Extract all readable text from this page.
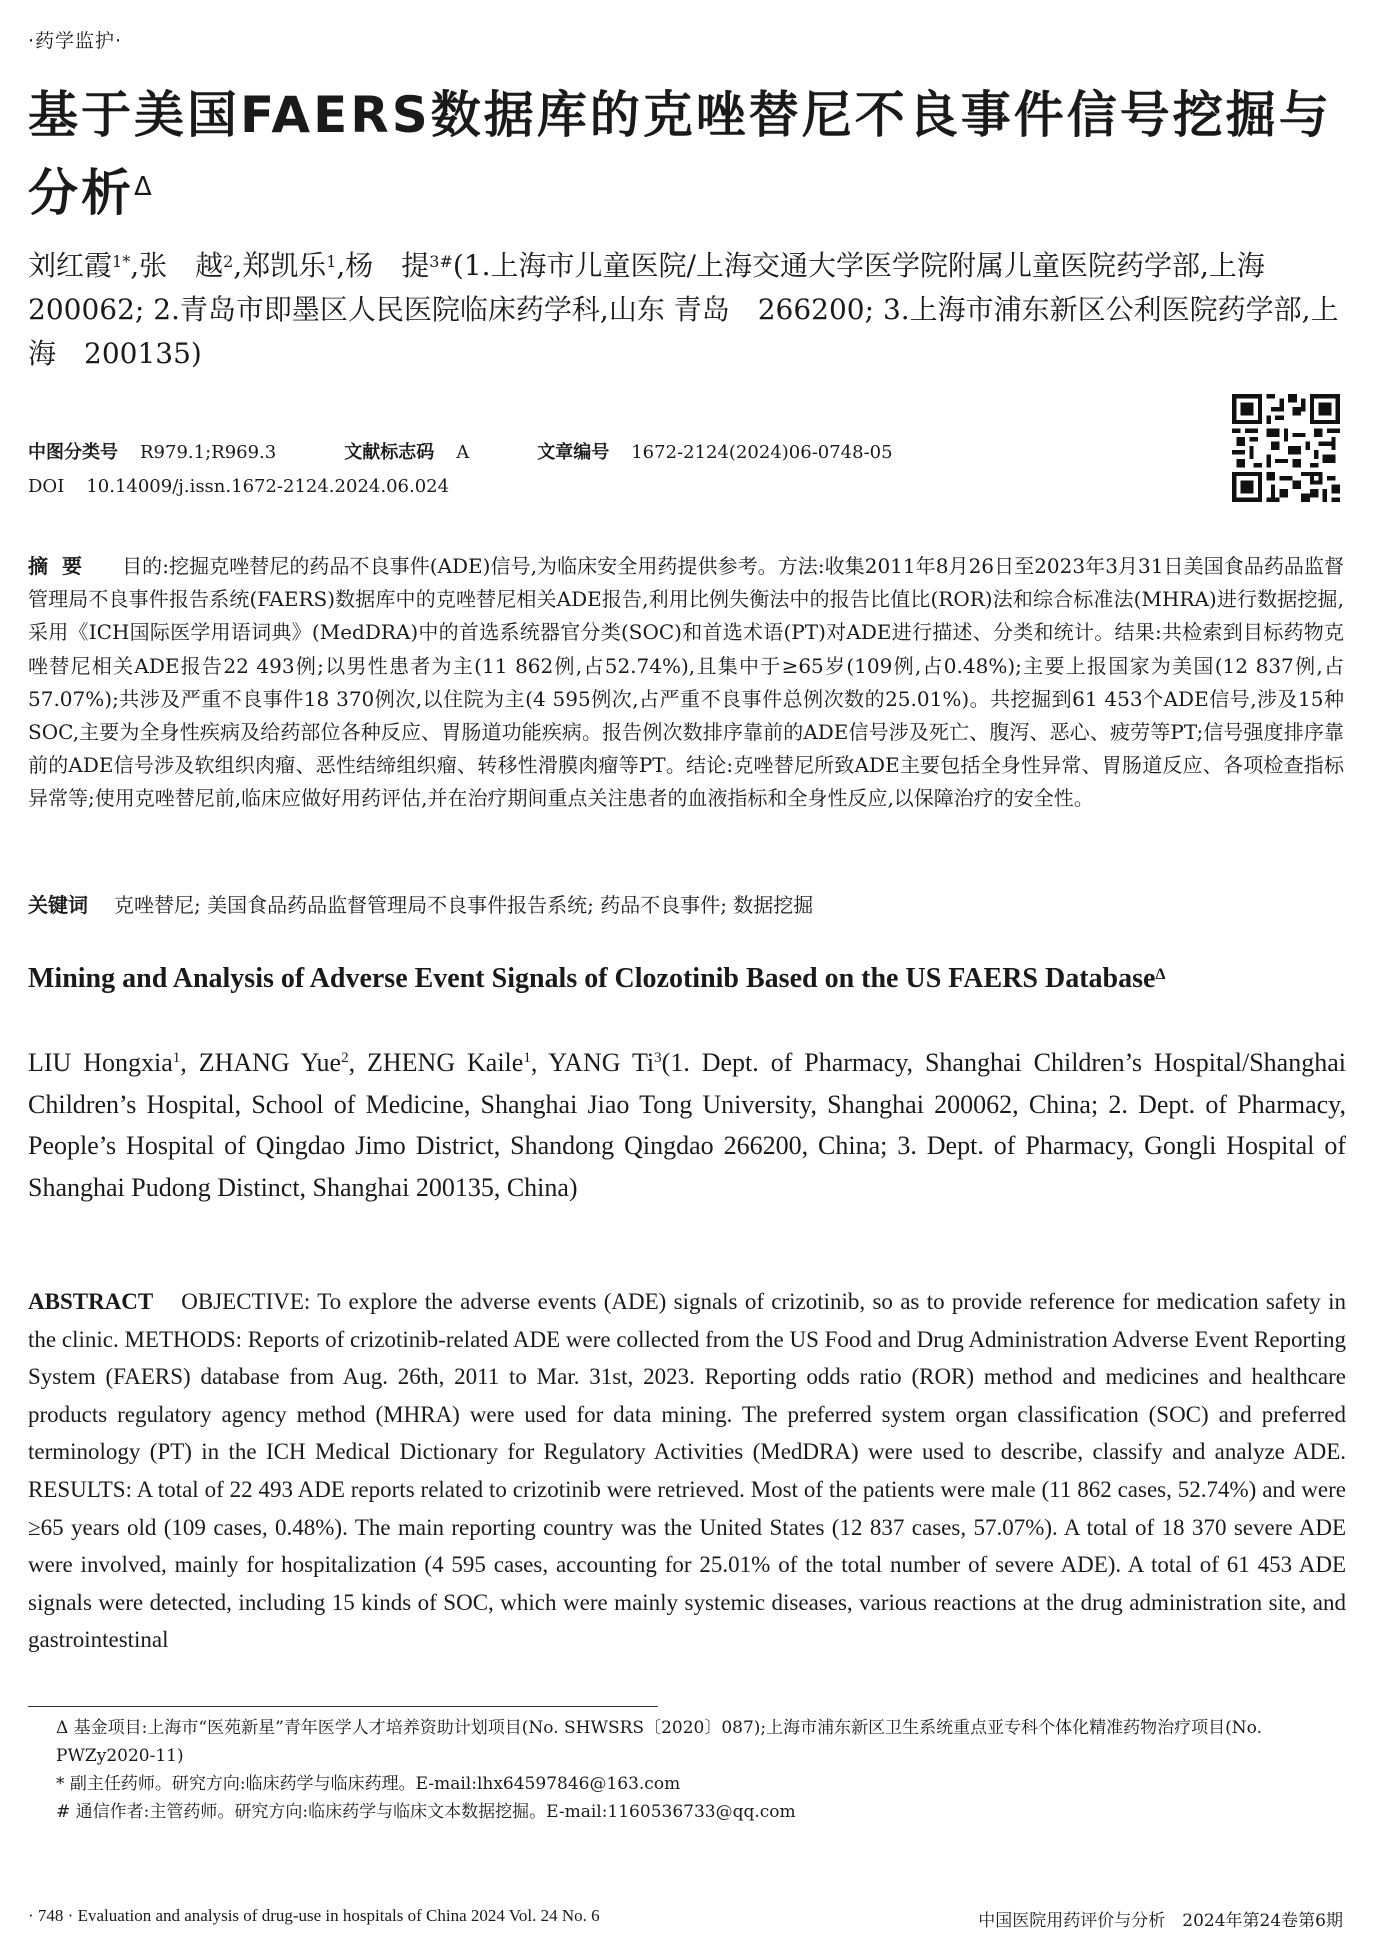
·药学监护·
基于美国FAERS数据库的克唑替尼不良事件信号挖掘与分析$^\Delta$
刘红霞$^{1*}$,张　越$^2$,郑凯乐$^1$,杨　提$^{3\#}$(1.上海市儿童医院/上海交通大学医学院附属儿童医院药学部,上海　200062; 2.青岛市即墨区人民医院临床药学科,山东 青岛　266200; 3.上海市浦东新区公利医院药学部,上海　200135)
中图分类号 R979.1;R969.3	文献标志码 A	文章编号 1672-2124(2024)06-0748-05
DOI 10.14009/j.issn.1672-2124.2024.06.024
摘要 目的:挖掘克唑替尼的药品不良事件(ADE)信号,为临床安全用药提供参考。方法:收集2011年8月26日至2023年3月31日美国食品药品监督管理局不良事件报告系统(FAERS)数据库中的克唑替尼相关ADE报告,利用比例失衡法中的报告比值比(ROR)法和综合标准法(MHRA)进行数据挖掘,采用《ICH国际医学用语词典》(MedDRA)中的首选系统器官分类(SOC)和首选术语(PT)对ADE进行描述、分类和统计。结果:共检索到目标药物克唑替尼相关ADE报告22 493例;以男性患者为主(11 862例,占52.74%),且集中于≥65岁(109例,占0.48%);主要上报国家为美国(12 837例,占57.07%);共涉及严重不良事件18 370例次,以住院为主(4 595例次,占严重不良事件总例次数的25.01%)。共挖掘到61 453个ADE信号,涉及15种SOC,主要为全身性疾病及给药部位各种反应、胃肠道功能疾病。报告例次数排序靠前的ADE信号涉及死亡、腹泻、恶心、疲劳等PT;信号强度排序靠前的ADE信号涉及软组织肉瘤、恶性结缔组织瘤、转移性滑膜肉瘤等PT。结论:克唑替尼所致ADE主要包括全身性异常、胃肠道反应、各项检查指标异常等;使用克唑替尼前,临床应做好用药评估,并在治疗期间重点关注患者的血液指标和全身性反应,以保障治疗的安全性。
关键词 克唑替尼; 美国食品药品监督管理局不良事件报告系统; 药品不良事件; 数据挖掘
Mining and Analysis of Adverse Event Signals of Clozotinib Based on the US FAERS Database$^\Delta$
LIU Hongxia$^1$, ZHANG Yue$^2$, ZHENG Kaile$^1$, YANG Ti$^3$(1. Dept. of Pharmacy, Shanghai Children’s Hospital/Shanghai Children’s Hospital, School of Medicine, Shanghai Jiao Tong University, Shanghai 200062, China; 2. Dept. of Pharmacy, People’s Hospital of Qingdao Jimo District, Shandong Qingdao 266200, China; 3. Dept. of Pharmacy, Gongli Hospital of Shanghai Pudong Distinct, Shanghai 200135, China)
ABSTRACT OBJECTIVE: To explore the adverse events (ADE) signals of crizotinib, so as to provide reference for medication safety in the clinic. METHODS: Reports of crizotinib-related ADE were collected from the US Food and Drug Administration Adverse Event Reporting System (FAERS) database from Aug. 26th, 2011 to Mar. 31st, 2023. Reporting odds ratio (ROR) method and medicines and healthcare products regulatory agency method (MHRA) were used for data mining. The preferred system organ classification (SOC) and preferred terminology (PT) in the ICH Medical Dictionary for Regulatory Activities (MedDRA) were used to describe, classify and analyze ADE. RESULTS: A total of 22 493 ADE reports related to crizotinib were retrieved. Most of the patients were male (11 862 cases, 52.74%) and were ≥65 years old (109 cases, 0.48%). The main reporting country was the United States (12 837 cases, 57.07%). A total of 18 370 severe ADE were involved, mainly for hospitalization (4 595 cases, accounting for 25.01% of the total number of severe ADE). A total of 61 453 ADE signals were detected, including 15 kinds of SOC, which were mainly systemic diseases, various reactions at the drug administration site, and gastrointestinal

Δ 基金项目:上海市“医苑新星”青年医学人才培养资助计划项目(No. SHWSRS〔2020〕087);上海市浦东新区卫生系统重点亚专科个体化精准药物治疗项目(No. PWZy2020-11)

* 副主任药师。研究方向:临床药学与临床药理。E-mail:lhx64597846@163.com

# 通信作者:主管药师。研究方向:临床药学与临床文本数据挖掘。E-mail:1160536733@qq.com

· 748 · Evaluation and analysis of drug-use in hospitals of China 2024 Vol. 24 No. 6	中国医院用药评价与分析　2024年第24卷第6期
